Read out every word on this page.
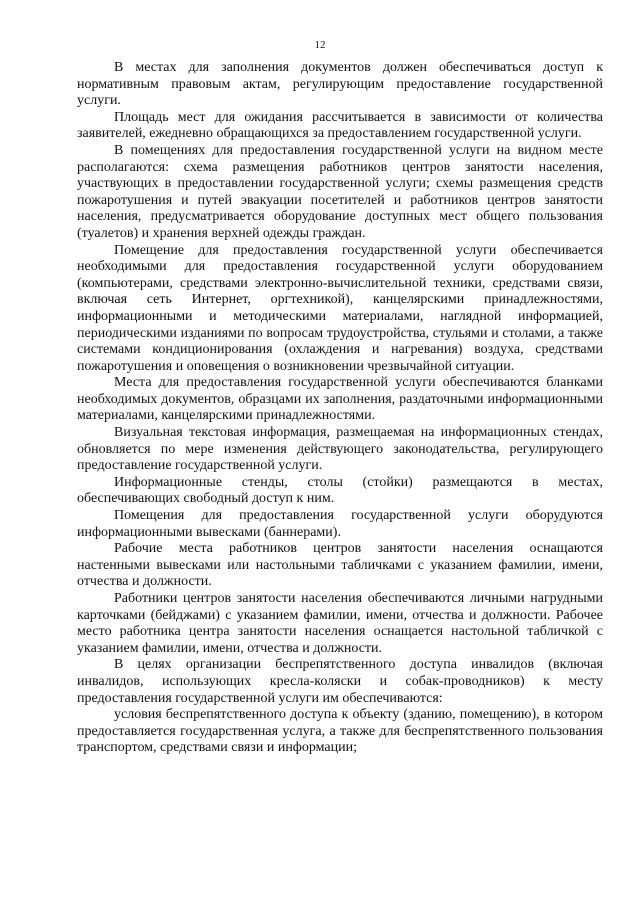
12

В местах для заполнения документов должен обеспечиваться доступ к нормативным правовым актам, регулирующим предоставление государственной услуги.

Площадь мест для ожидания рассчитывается в зависимости от количества заявителей, ежедневно обращающихся за предоставлением государственной услуги.

В помещениях для предоставления государственной услуги на видном месте располагаются: схема размещения работников центров занятости населения, участвующих в предоставлении государственной услуги; схемы размещения средств пожаротушения и путей эвакуации посетителей и работников центров занятости населения, предусматривается оборудование доступных мест общего пользования (туалетов) и хранения верхней одежды граждан.

Помещение для предоставления государственной услуги обеспечивается необходимыми для предоставления государственной услуги оборудованием (компьютерами, средствами электронно-вычислительной техники, средствами связи, включая сеть Интернет, оргтехникой), канцелярскими принадлежностями, информационными и методическими материалами, наглядной информацией, периодическими изданиями по вопросам трудоустройства, стульями и столами, а также системами кондиционирования (охлаждения и нагревания) воздуха, средствами пожаротушения и оповещения о возникновении чрезвычайной ситуации.

Места для предоставления государственной услуги обеспечиваются бланками необходимых документов, образцами их заполнения, раздаточными информационными материалами, канцелярскими принадлежностями.

Визуальная текстовая информация, размещаемая на информационных стендах, обновляется по мере изменения действующего законодательства, регулирующего предоставление государственной услуги.

Информационные стенды, столы (стойки) размещаются в местах, обеспечивающих свободный доступ к ним.

Помещения для предоставления государственной услуги оборудуются информационными вывесками (баннерами).

Рабочие места работников центров занятости населения оснащаются настенными вывесками или настольными табличками с указанием фамилии, имени, отчества и должности.

Работники центров занятости населения обеспечиваются личными нагрудными карточками (бейджами) с указанием фамилии, имени, отчества и должности. Рабочее место работника центра занятости населения оснащается настольной табличкой с указанием фамилии, имени, отчества и должности.

В целях организации беспрепятственного доступа инвалидов (включая инвалидов, использующих кресла-коляски и собак-проводников) к месту предоставления государственной услуги им обеспечиваются:

условия беспрепятственного доступа к объекту (зданию, помещению), в котором предоставляется государственная услуга, а также для беспрепятственного пользования транспортом, средствами связи и информации;
